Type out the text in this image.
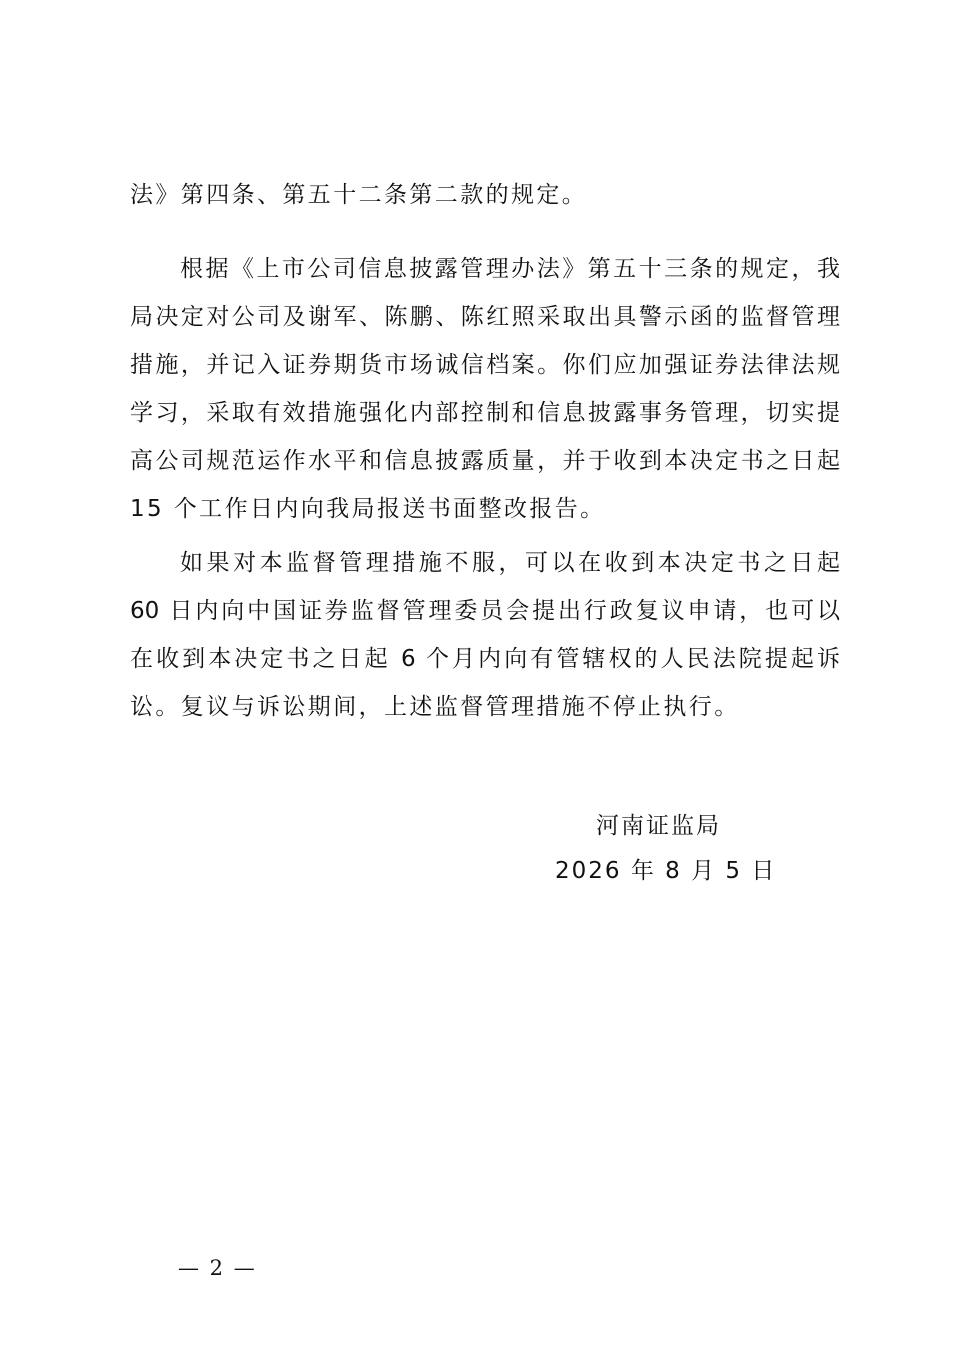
法》第四条、第五十二条第二款的规定。
根据《上市公司信息披露管理办法》第五十三条的规定，我
局决定对公司及谢军、陈鹏、陈红照采取出具警示函的监督管理
措施，并记入证券期货市场诚信档案。你们应加强证券法律法规
学习，采取有效措施强化内部控制和信息披露事务管理，切实提
高公司规范运作水平和信息披露质量，并于收到本决定书之日起
15 个工作日内向我局报送书面整改报告。
如果对本监督管理措施不服，可以在收到本决定书之日起
60 日内向中国证券监督管理委员会提出行政复议申请，也可以
在收到本决定书之日起 6 个月内向有管辖权的人民法院提起诉
讼。复议与诉讼期间，上述监督管理措施不停止执行。
河南证监局
2026 年 8 月 5 日
— 2 —
